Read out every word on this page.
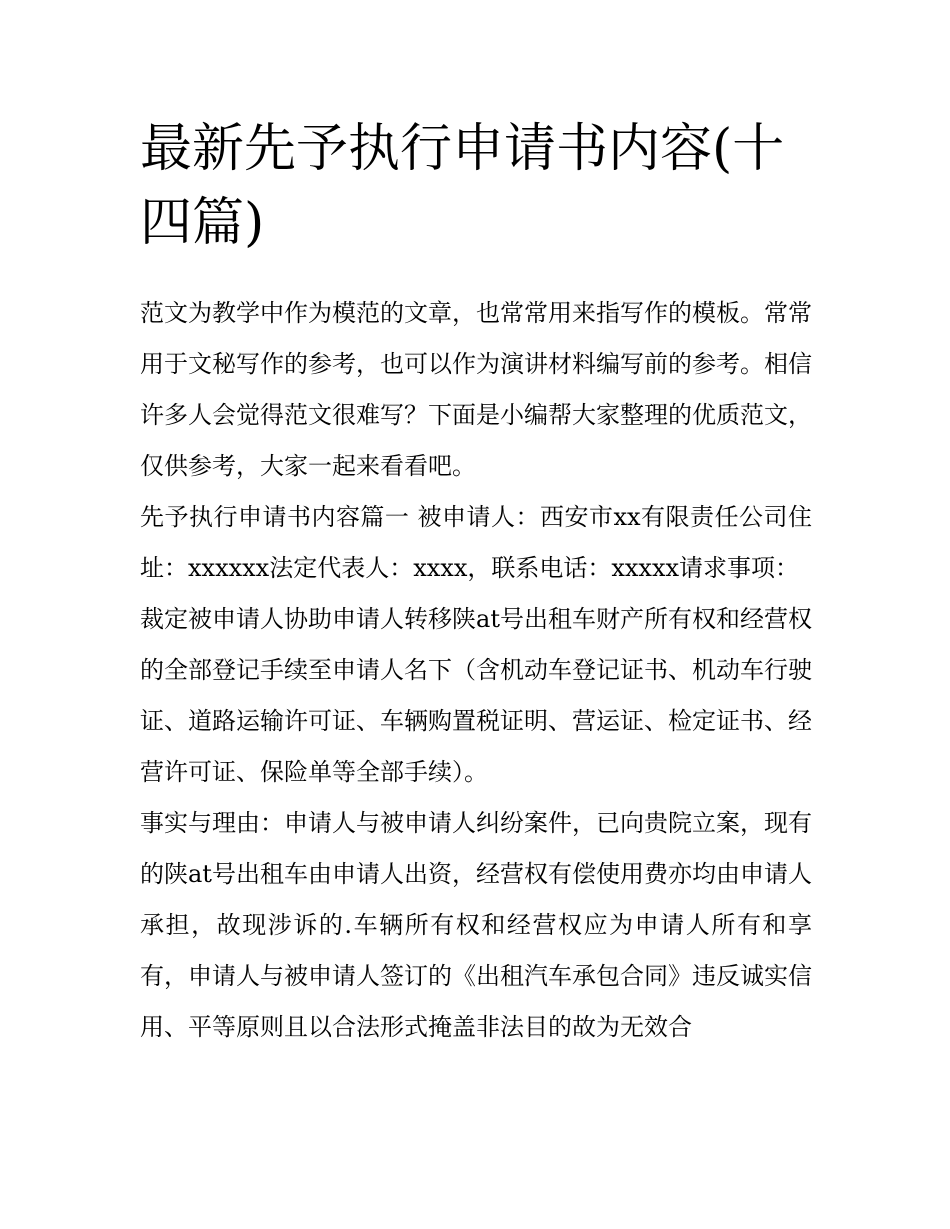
最新先予执行申请书内容(十四篇)

范文为教学中作为模范的文章，也常常用来指写作的模板。常常用于文秘写作的参考，也可以作为演讲材料编写前的参考。相信许多人会觉得范文很难写？下面是小编帮大家整理的优质范文，仅供参考，大家一起来看看吧。

先予执行申请书内容篇一 被申请人：西安市xx有限责任公司住址：xxxxxx法定代表人：xxxx，联系电话：xxxxx请求事项：

裁定被申请人协助申请人转移陕at号出租车财产所有权和经营权的全部登记手续至申请人名下（含机动车登记证书、机动车行驶证、道路运输许可证、车辆购置税证明、营运证、检定证书、经营许可证、保险单等全部手续）。

事实与理由：申请人与被申请人纠纷案件，已向贵院立案，现有的陕at号出租车由申请人出资，经营权有偿使用费亦均由申请人承担，故现涉诉的.车辆所有权和经营权应为申请人所有和享有，申请人与被申请人签订的《出租汽车承包合同》违反诚实信用、平等原则且以合法形式掩盖非法目的故为无效合
